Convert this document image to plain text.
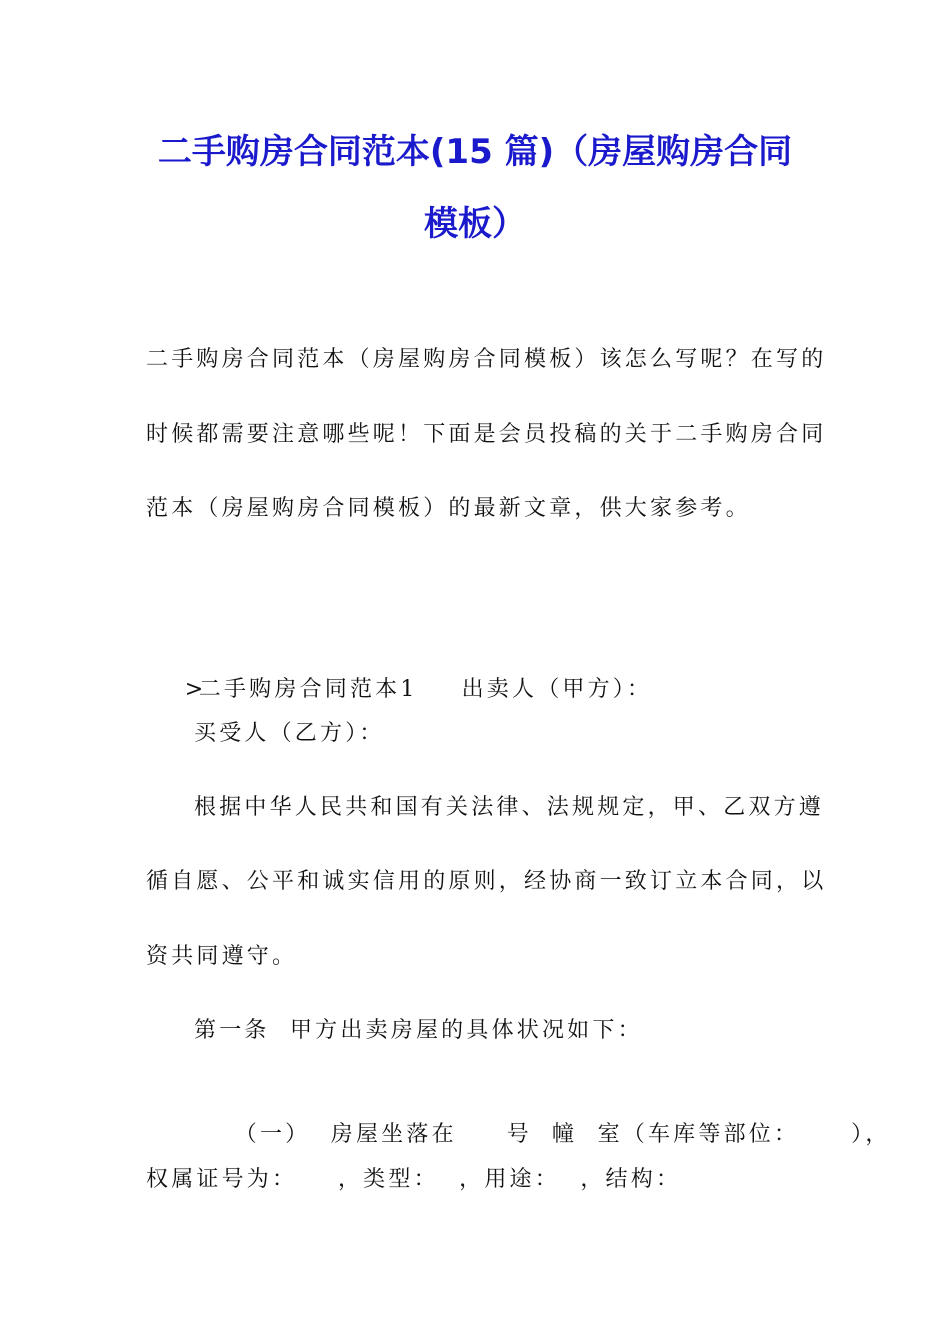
二手购房合同范本(15 篇)（房屋购房合同
模板）
二手购房合同范本（房屋购房合同模板）该怎么写呢？在写的
时候都需要注意哪些呢！下面是会员投稿的关于二手购房合同
范本（房屋购房合同模板）的最新文章，供大家参考。

>二手购房合同范本1 出卖人（甲方）：

买受人（乙方）：
根据中华人民共和国有关法律、法规规定，甲、乙双方遵
循自愿、公平和诚实信用的原则，经协商一致订立本合同，以
资共同遵守。
第一条  甲方出卖房屋的具体状况如下：

（一）  房屋坐落在 号 幢  室（车库等部位： ），

权属证号为：    ，类型：  ，用途：  ，结构：
